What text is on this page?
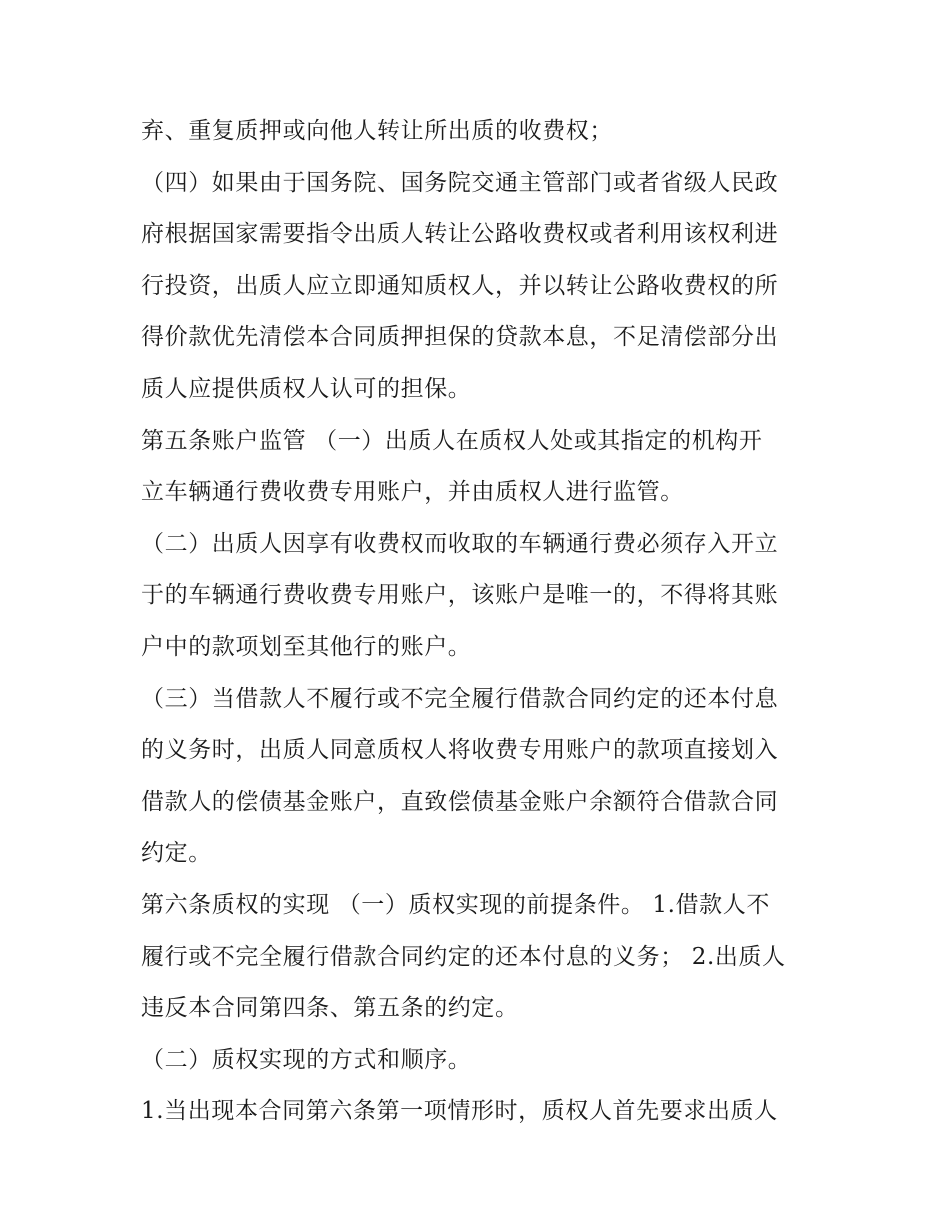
弃、重复质押或向他人转让所出质的收费权；
（四）如果由于国务院、国务院交通主管部门或者省级人民政
府根据国家需要指令出质人转让公路收费权或者利用该权利进
行投资，出质人应立即通知质权人，并以转让公路收费权的所
得价款优先清偿本合同质押担保的贷款本息，不足清偿部分出
质人应提供质权人认可的担保。
第五条账户监管 （一）出质人在质权人处或其指定的机构开
立车辆通行费收费专用账户，并由质权人进行监管。
（二）出质人因享有收费权而收取的车辆通行费必须存入开立
于的车辆通行费收费专用账户，该账户是唯一的，不得将其账
户中的款项划至其他行的账户。
（三）当借款人不履行或不完全履行借款合同约定的还本付息
的义务时，出质人同意质权人将收费专用账户的款项直接划入
借款人的偿债基金账户，直致偿债基金账户余额符合借款合同
约定。
第六条质权的实现 （一）质权实现的前提条件。 1.借款人不
履行或不完全履行借款合同约定的还本付息的义务； 2.出质人
违反本合同第四条、第五条的约定。
（二）质权实现的方式和顺序。
1.当出现本合同第六条第一项情形时，质权人首先要求出质人
